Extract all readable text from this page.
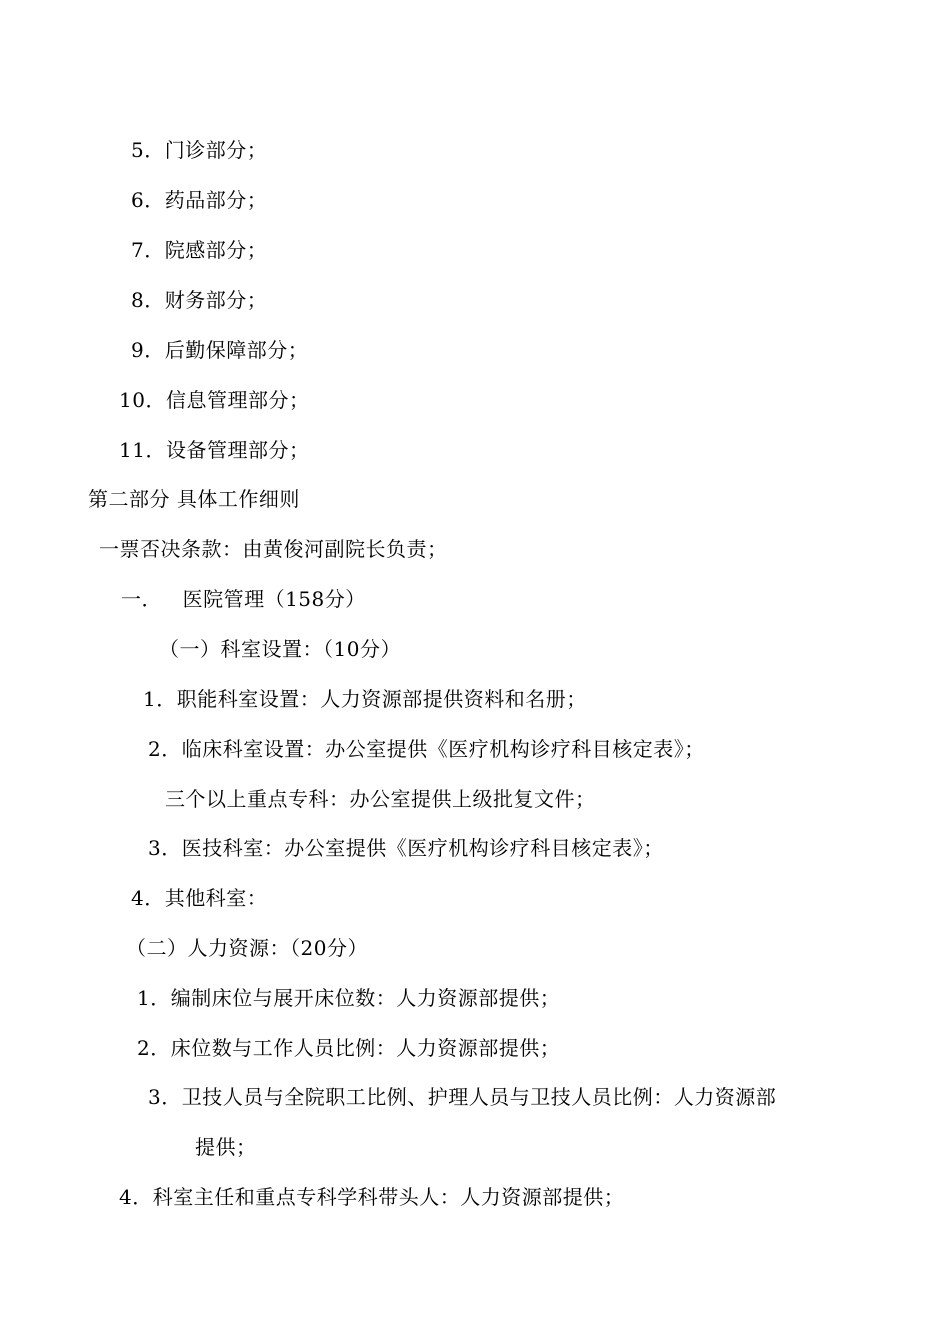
5．门诊部分；
6．药品部分；
7．院感部分；
8．财务部分；
9．后勤保障部分；
10．信息管理部分；
11．设备管理部分；
第二部分 具体工作细则
一票否决条款：由黄俊河副院长负责；
一．   医院管理（158分）
（一）科室设置：（10分）
1．职能科室设置：人力资源部提供资料和名册；
2．临床科室设置：办公室提供《医疗机构诊疗科目核定表》；
三个以上重点专科：办公室提供上级批复文件；
3．医技科室：办公室提供《医疗机构诊疗科目核定表》；
4．其他科室：
（二）人力资源：（20分）
1．编制床位与展开床位数：人力资源部提供；
2．床位数与工作人员比例：人力资源部提供；
3．卫技人员与全院职工比例、护理人员与卫技人员比例：人力资源部
提供；
4．科室主任和重点专科学科带头人：人力资源部提供；
